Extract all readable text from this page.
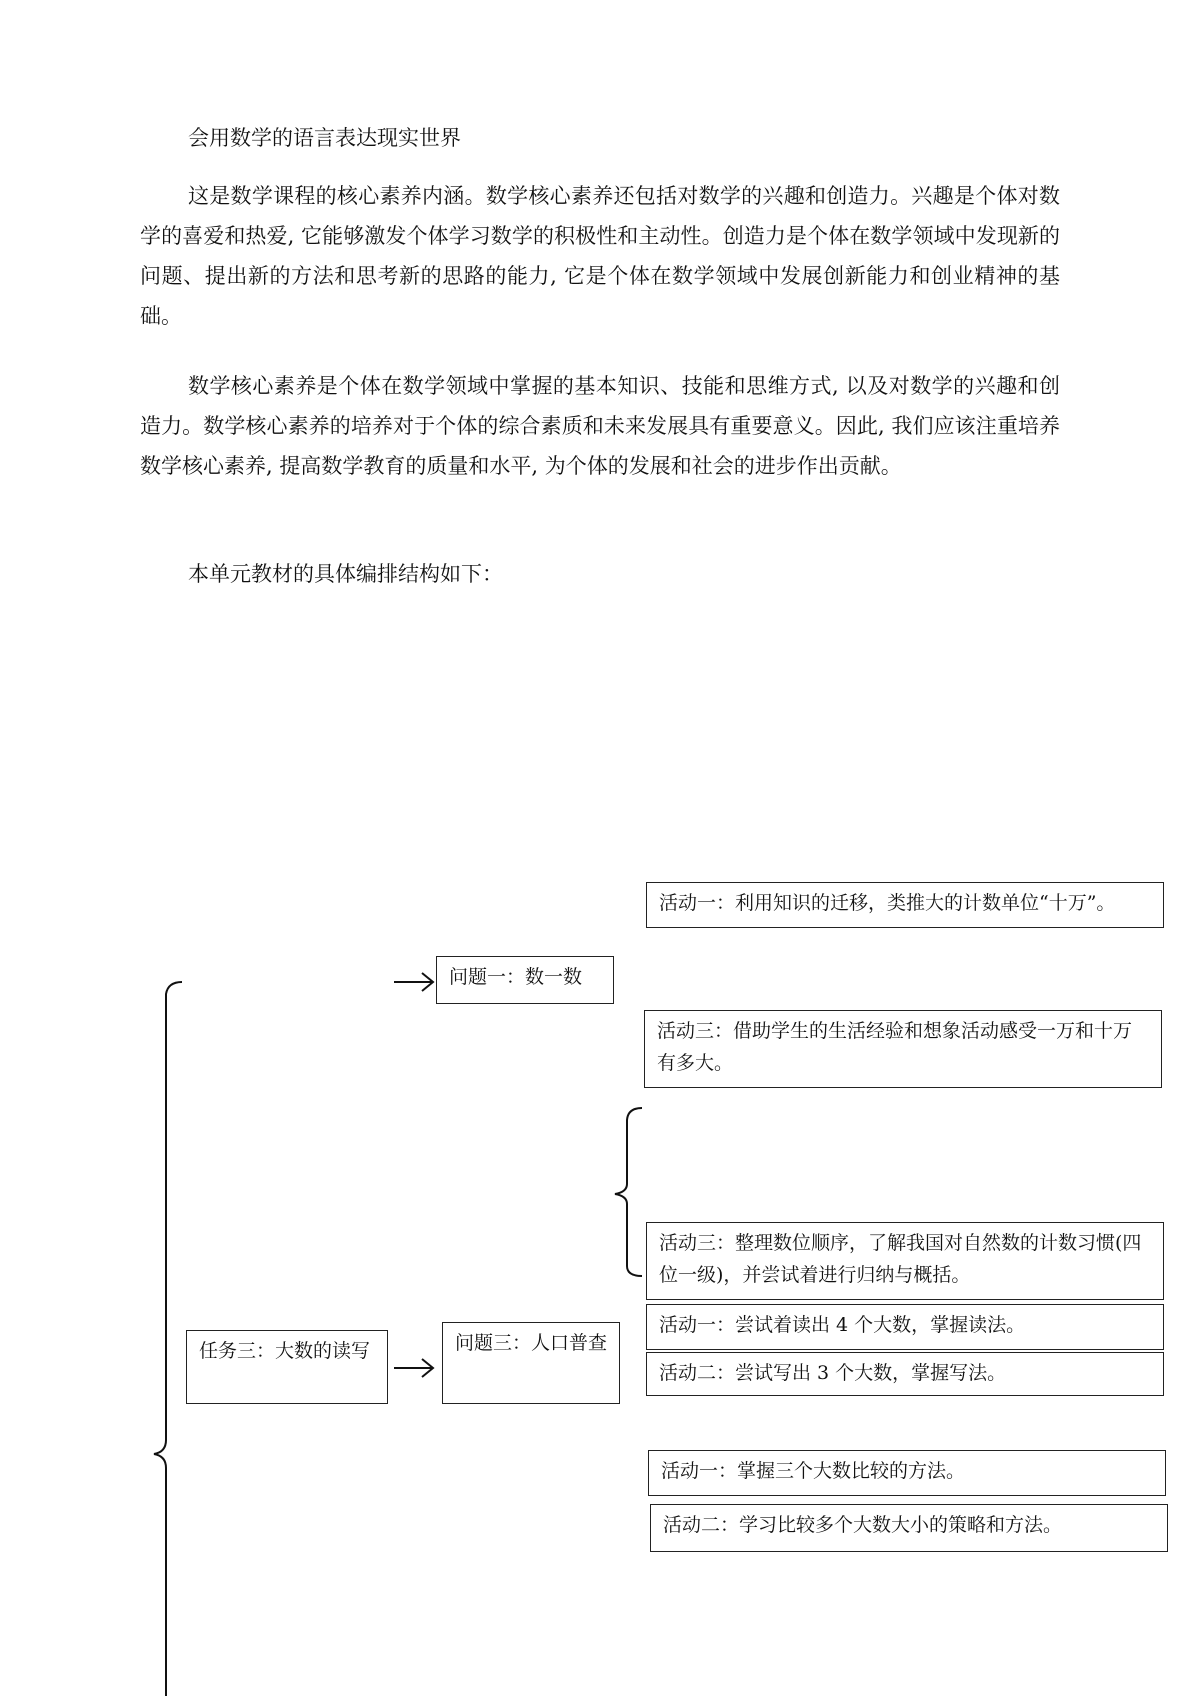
会用数学的语言表达现实世界

这是数学课程的核心素养内涵。数学核心素养还包括对数学的兴趣和创造力。兴趣是个体对数学的喜爱和热爱, 它能够激发个体学习数学的积极性和主动性。创造力是个体在数学领域中发现新的问题、提出新的方法和思考新的思路的能力, 它是个体在数学领域中发展创新能力和创业精神的基础。

数学核心素养是个体在数学领域中掌握的基本知识、技能和思维方式, 以及对数学的兴趣和创造力。数学核心素养的培养对于个体的综合素质和未来发展具有重要意义。因此, 我们应该注重培养数学核心素养, 提高数学教育的质量和水平, 为个体的发展和社会的进步作出贡献。

本单元教材的具体编排结构如下：

活动一：利用知识的迁移，类推大的计数单位“十万”。
问题一：数一数
活动三：借助学生的生活经验和想象活动感受一万和十万有多大。
活动三：整理数位顺序，了解我国对自然数的计数习惯(四位一级)，并尝试着进行归纳与概括。
任务三：大数的读写	问题三：人口普查
活动一：尝试着读出 4 个大数，掌握读法。
活动二：尝试写出 3 个大数，掌握写法。
活动一：掌握三个大数比较的方法。
活动二：学习比较多个大数大小的策略和方法。
